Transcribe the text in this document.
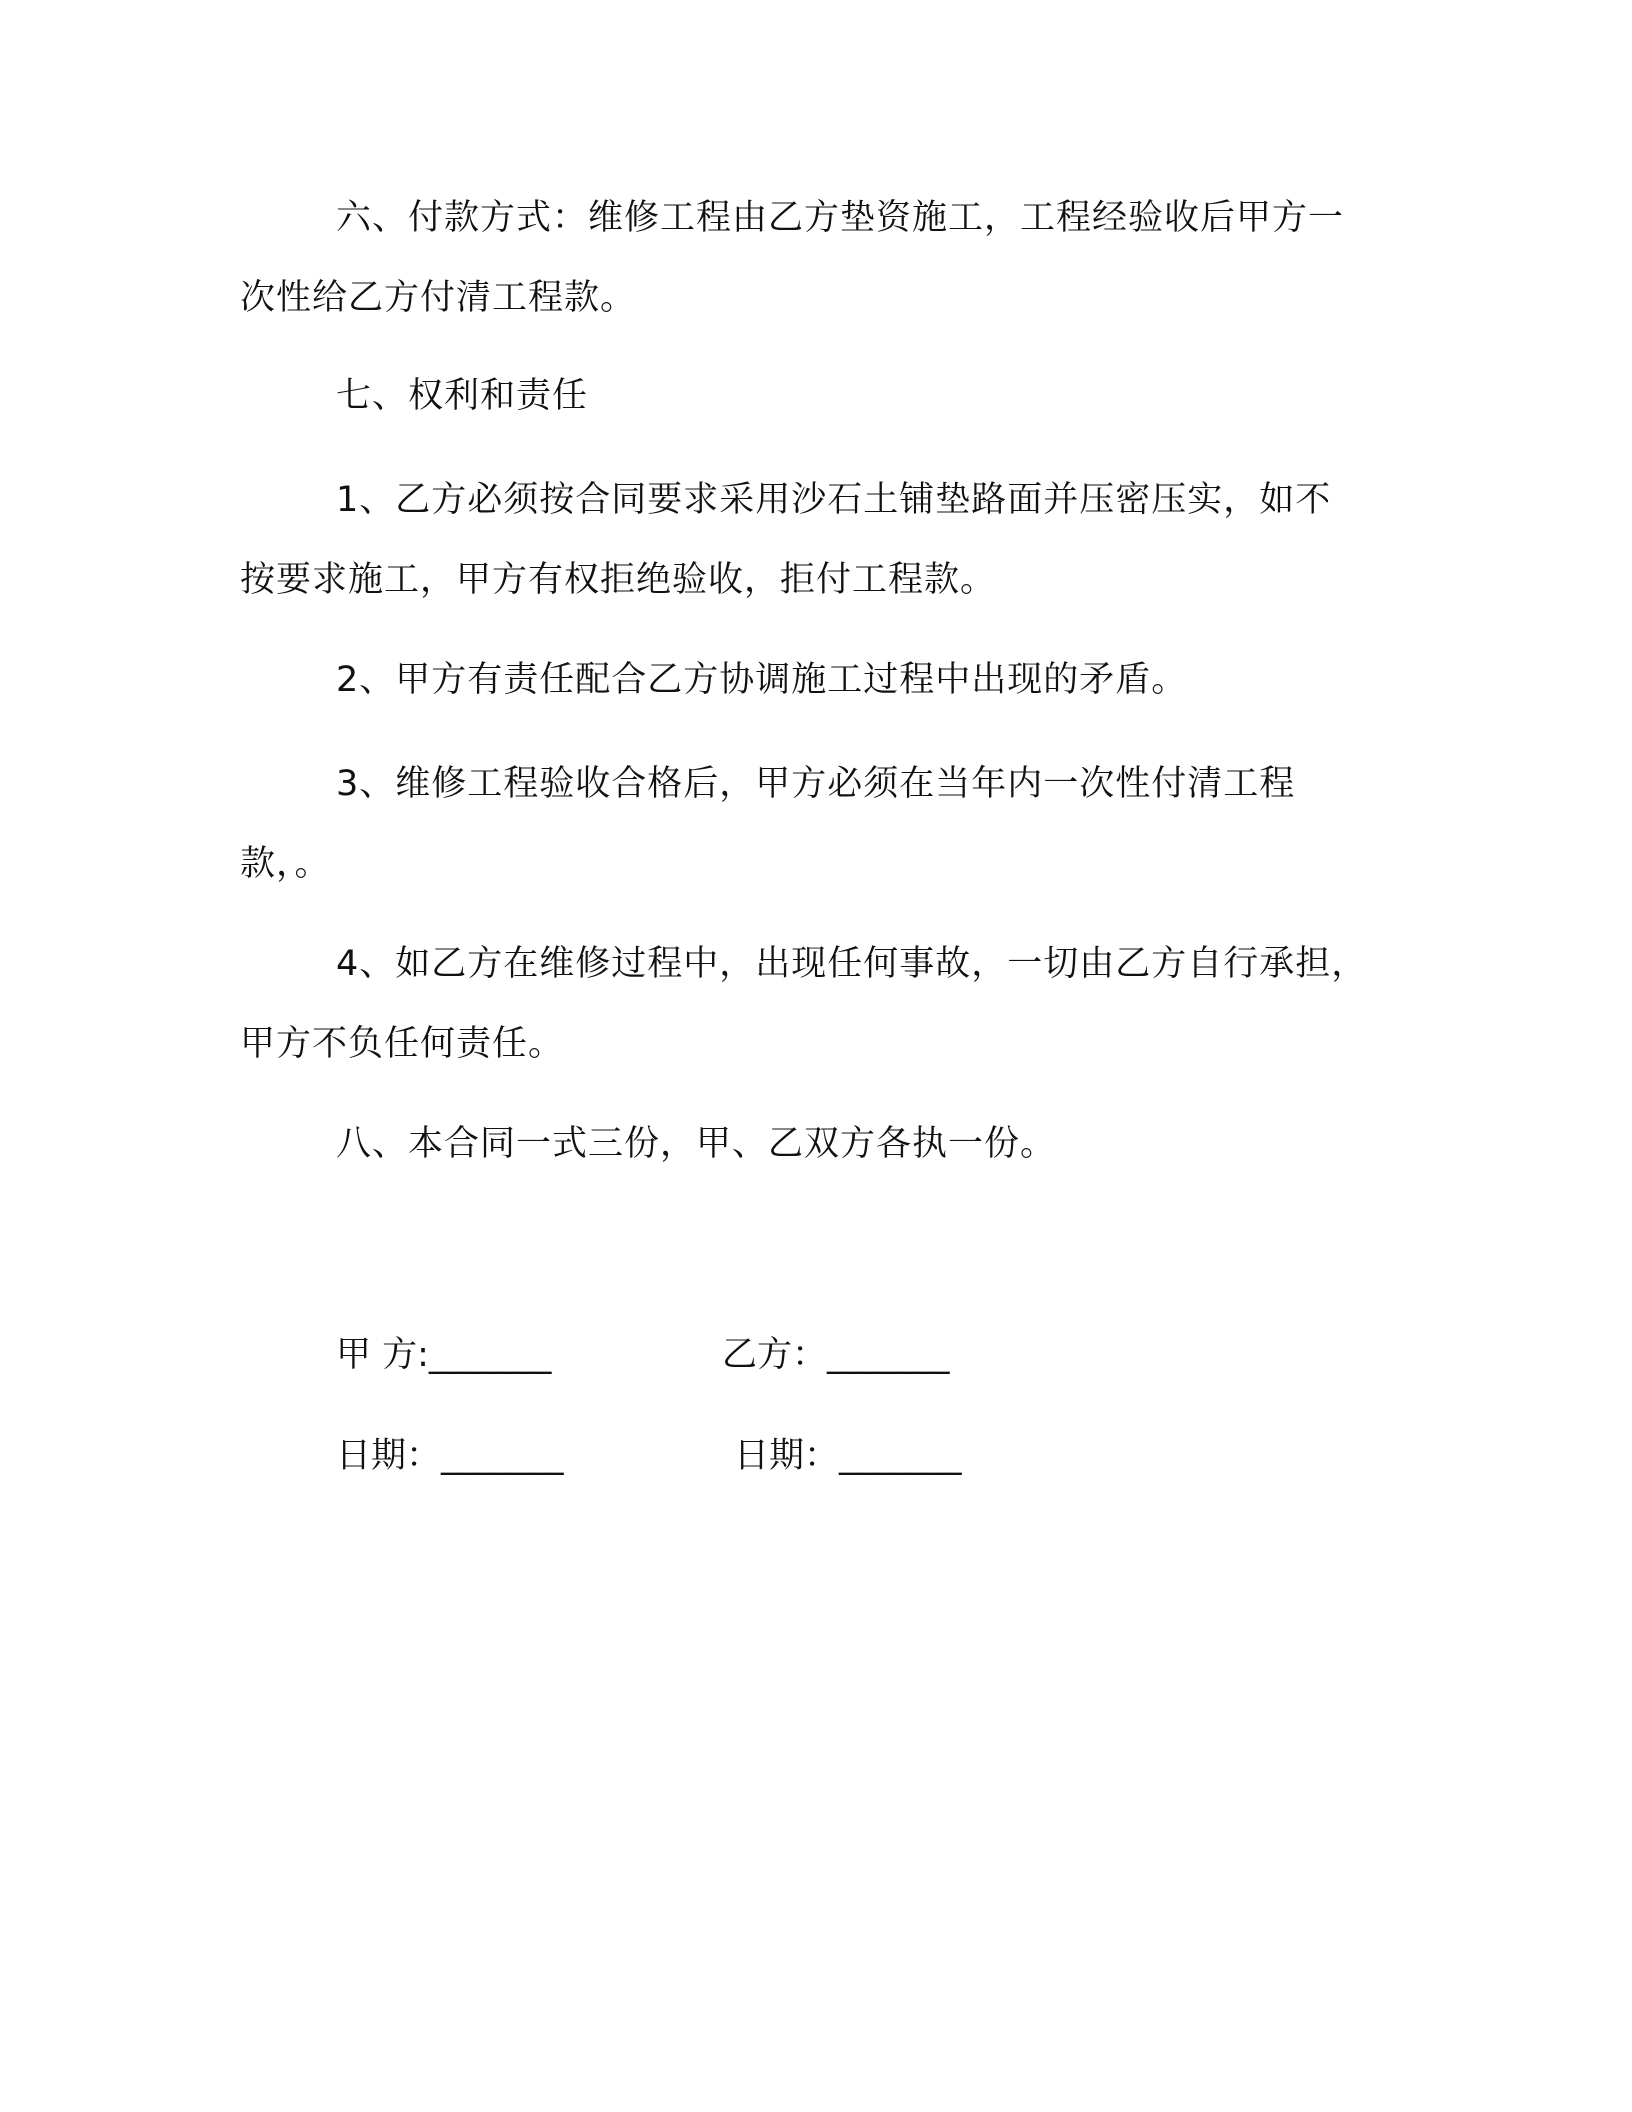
六、付款方式：维修工程由乙方垫资施工，工程经验收后甲方一
次性给乙方付清工程款。
七、权利和责任
1、乙方必须按合同要求采用沙石土铺垫路面并压密压实，如不
按要求施工，甲方有权拒绝验收，拒付工程款。
2、甲方有责任配合乙方协调施工过程中出现的矛盾。
3、维修工程验收合格后，甲方必须在当年内一次性付清工程
款，。
4、如乙方在维修过程中，出现任何事故，一切由乙方自行承担，
甲方不负任何责任。
八、本合同一式三份，甲、乙双方各执一份。
甲 方:_______	乙方：_______
日期：_______	日期：_______
